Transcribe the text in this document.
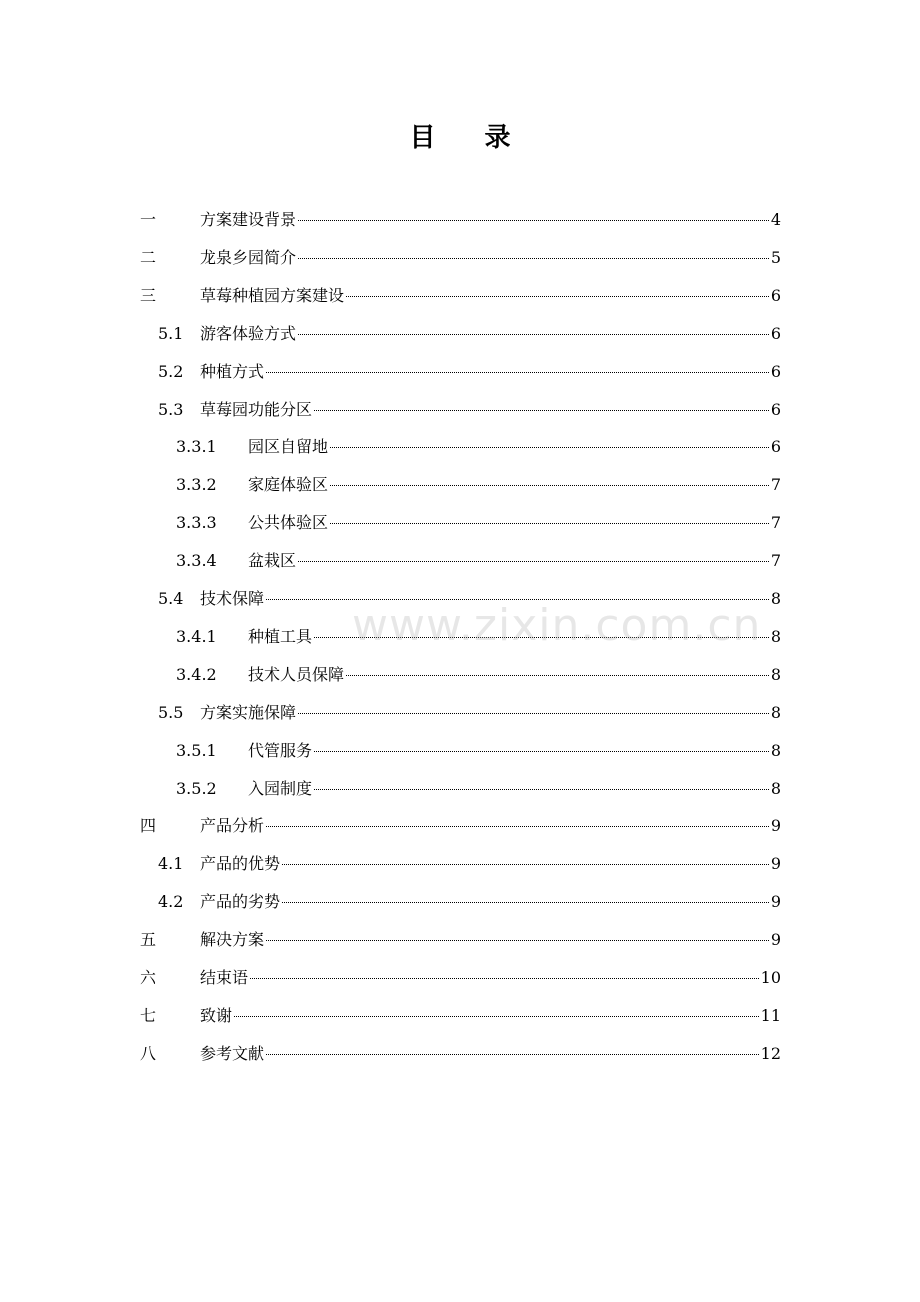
目 录
一	方案建设背景	4
二	龙泉乡园简介	5
三	草莓种植园方案建设	6
5.1 游客体验方式	6
5.2 种植方式	6
5.3 草莓园功能分区	6
3.3.1 园区自留地	6
3.3.2 家庭体验区	7
3.3.3 公共体验区	7
3.3.4 盆栽区	7
5.4 技术保障	8
3.4.1 种植工具	8
3.4.2 技术人员保障	8
5.5 方案实施保障	8
3.5.1 代管服务	8
3.5.2 入园制度	8
四	产品分析	9
4.1 产品的优势	9
4.2 产品的劣势	9
五	解决方案	9
六	结束语	10
七	致谢	11
八	参考文献	12
www.zixin.com.cn
